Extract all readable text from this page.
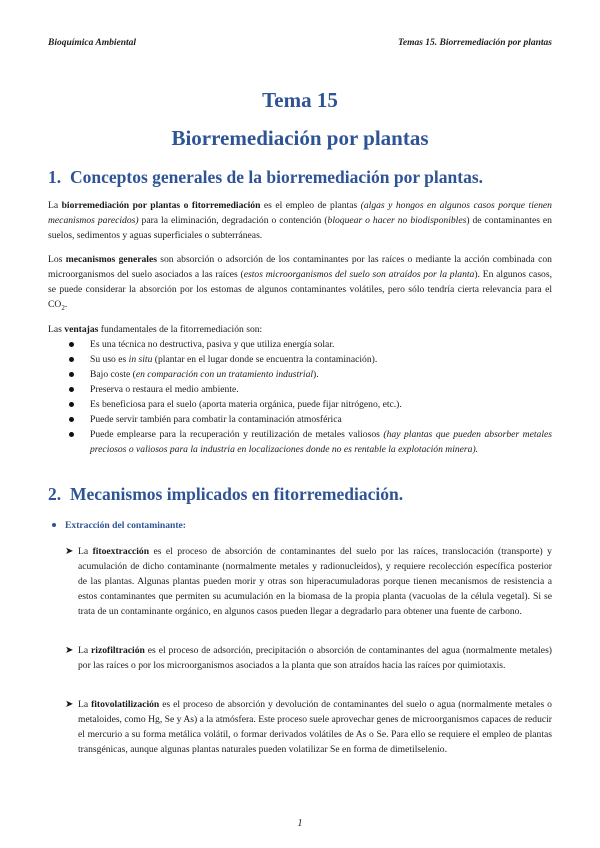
Bioquímica Ambiental	Temas 15. Biorremediación por plantas
Tema 15
Biorremediación por plantas
1. Conceptos generales de la biorremediación por plantas.

La biorremediación por plantas o fitorremediación es el empleo de plantas (algas y hongos en algunos casos porque tienen mecanismos parecidos) para la eliminación, degradación o contención (bloquear o hacer no biodisponibles) de contaminantes en suelos, sedimentos y aguas superficiales o subterráneas.

Los mecanismos generales son absorción o adsorción de los contaminantes por las raíces o mediante la acción combinada con microorganismos del suelo asociados a las raíces (estos microorganismos del suelo son atraídos por la planta). En algunos casos, se puede considerar la absorción por los estomas de algunos contaminantes volátiles, pero sólo tendría cierta relevancia para el $CO_2$.

Las ventajas fundamentales de la fitorremediación son:

Es una técnica no destructiva, pasiva y que utiliza energía solar.
Su uso es in situ (plantar en el lugar donde se encuentra la contaminación).
Bajo coste (en comparación con un tratamiento industrial).
Preserva o restaura el medio ambiente.
Es beneficiosa para el suelo (aporta materia orgánica, puede fijar nitrógeno, etc.).
Puede servir también para combatir la contaminación atmosférica
Puede emplearse para la recuperación y reutilización de metales valiosos (hay plantas que pueden absorber metales preciosos o valiosos para la industria en localizaciones donde no es rentable la explotación minera).
2. Mecanismos implicados en fitorremediación.
Extracción del contaminante:

➤ La fitoextracción es el proceso de absorción de contaminantes del suelo por las raíces, translocación (transporte) y acumulación de dicho contaminante (normalmente metales y radionucleidos), y requiere recolección específica posterior de las plantas. Algunas plantas pueden morir y otras son hiperacumuladoras porque tienen mecanismos de resistencia a estos contaminantes que permiten su acumulación en la biomasa de la propia planta (vacuolas de la célula vegetal). Si se trata de un contaminante orgánico, en algunos casos pueden llegar a degradarlo para obtener una fuente de carbono.

➤ La rizofiltración es el proceso de adsorción, precipitación o absorción de contaminantes del agua (normalmente metales) por las raíces o por los microorganismos asociados a la planta que son atraídos hacia las raíces por quimiotaxis.

➤ La fitovolatilización es el proceso de absorción y devolución de contaminantes del suelo o agua (normalmente metales o metaloides, como Hg, Se y As) a la atmósfera. Este proceso suele aprovechar genes de microorganismos capaces de reducir el mercurio a su forma metálica volátil, o formar derivados volátiles de As o Se. Para ello se requiere el empleo de plantas transgénicas, aunque algunas plantas naturales pueden volatilizar Se en forma de dimetilselenio.

1
